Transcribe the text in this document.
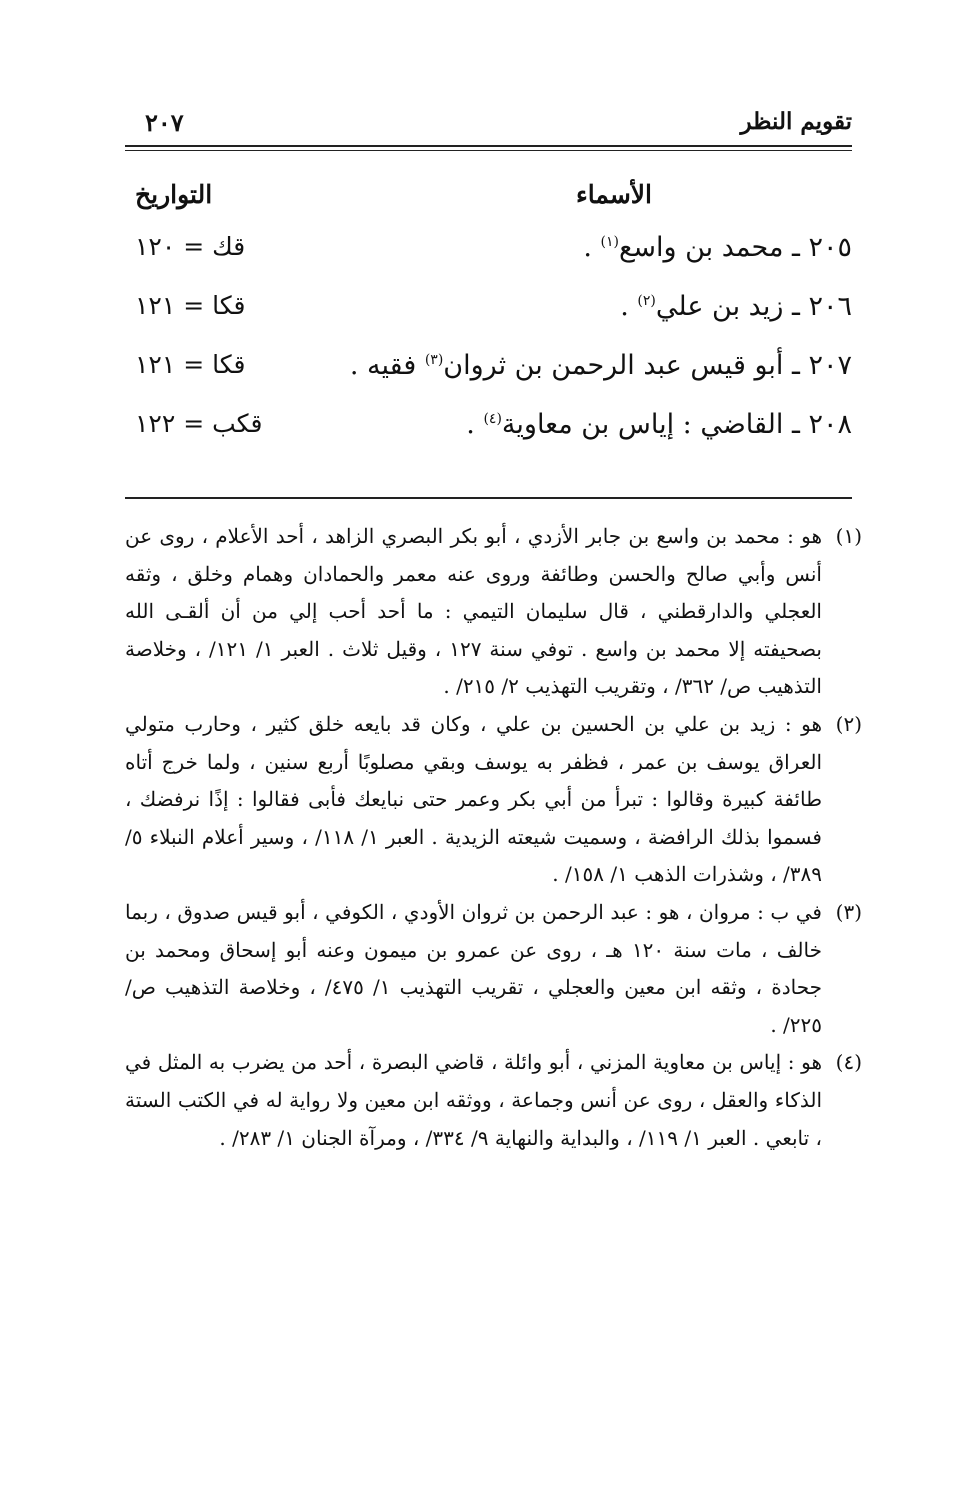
تقويم النظر
٢٠٧
الأسماء
التواريخ
٢٠٥ ـ محمد بن واسع$^{(١)}$ .
قك = ١٢٠
٢٠٦ ـ زيد بن علي$^{(٢)}$ .
قكا = ١٢١
٢٠٧ ـ أبو قيس عبد الرحمن بن ثروان$^{(٣)}$ فقيه .
قكا = ١٢١
٢٠٨ ـ القاضي : إياس بن معاوية$^{(٤)}$ .
قكب = ١٢٢
(١)
هو : محمد بن واسع بن جابر الأزدي ، أبو بكر البصري الزاهد ، أحد الأعلام ، روى عن أنس وأبي صالح والحسن وطائفة وروى عنه معمر والحمادان وهمام وخلق ، وثقه العجلي والدارقطني ، قال سليمان التيمي : ما أحد أحب إلي من أن ألقـى الله بصحيفته إلا محمد بن واسع . توفي سنة ١٢٧ ، وقيل ثلاث . العبر ١/ ١٢١/ ، وخلاصة التذهيب ص/ ٣٦٢/ ، وتقريب التهذيب ٢/ ٢١٥/ .
(٢)
هو : زيد بن علي بن الحسين بن علي ، وكان قد بايعه خلق كثير ، وحارب متولي العراق يوسف بن عمر ، فظفر به يوسف وبقي مصلوبًا أربع سنين ، ولما خرج أتاه طائفة كبيرة وقالوا : تبرأ من أبي بكر وعمر حتى نبايعك فأبى فقالوا : إذًا نرفضك ، فسموا بذلك الرافضة ، وسميت شيعته الزيدية . العبر ١/ ١١٨/ ، وسير أعلام النبلاء ٥/ ٣٨٩/ ، وشذرات الذهب ١/ ١٥٨/ .
(٣)
في ب : مروان ، هو : عبد الرحمن بن ثروان الأودي ، الكوفي ، أبو قيس صدوق ، ربما خالف ، مات سنة ١٢٠ هـ ، روى عن عمرو بن ميمون وعنه أبو إسحاق ومحمد بن جحادة ، وثقه ابن معين والعجلي ، تقريب التهذيب ١/ ٤٧٥/ ، وخلاصة التذهيب ص/ ٢٢٥/ .
(٤)
هو : إياس بن معاوية المزني ، أبو وائلة ، قاضي البصرة ، أحد من يضرب به المثل في الذكاء والعقل ، روى عن أنس وجماعة ، ووثقه ابن معين ولا رواية له في الكتب الستة ، تابعي . العبر ١/ ١١٩/ ، والبداية والنهاية ٩/ ٣٣٤/ ، ومرآة الجنان ١/ ٢٨٣/ .
